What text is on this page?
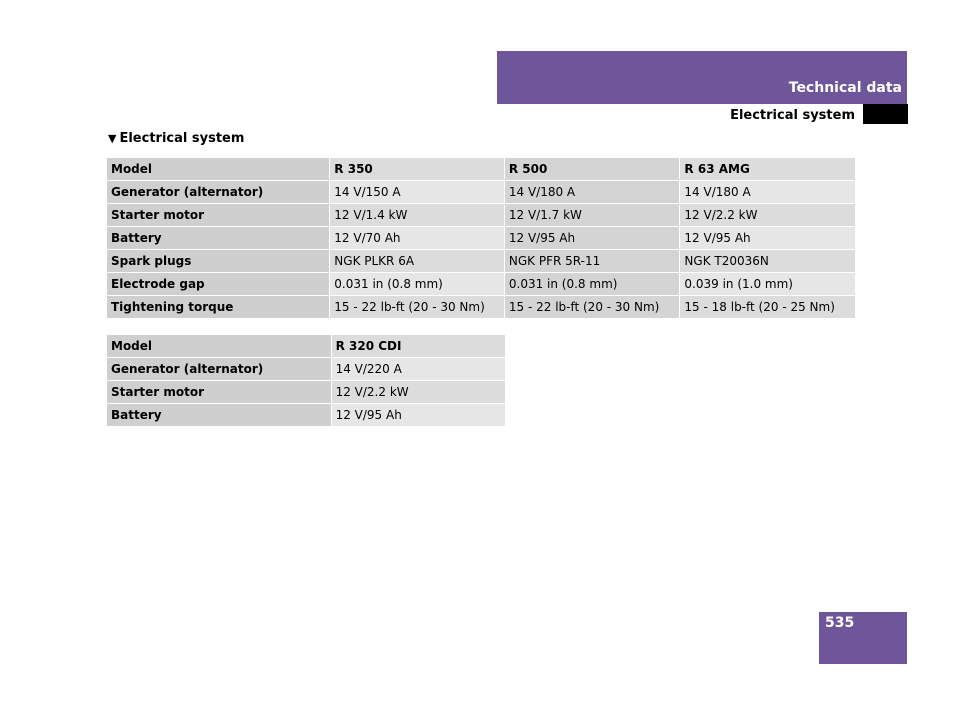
Technical data
Electrical system
▼ Electrical system
Model	R 350	R 500	R 63 AMG
Generator (alternator)	14 V/150 A	14 V/180 A	14 V/180 A
Starter motor	12 V/1.4 kW	12 V/1.7 kW	12 V/2.2 kW
Battery	12 V/70 Ah	12 V/95 Ah	12 V/95 Ah
Spark plugs	NGK PLKR 6A	NGK PFR 5R-11	NGK T20036N
Electrode gap	0.031 in (0.8 mm)	0.031 in (0.8 mm)	0.039 in (1.0 mm)
Tightening torque	15 - 22 lb-ft (20 - 30 Nm)	15 - 22 lb-ft (20 - 30 Nm)	15 - 18 lb-ft (20 - 25 Nm)
Model	R 320 CDI
Generator (alternator)	14 V/220 A
Starter motor	12 V/2.2 kW
Battery	12 V/95 Ah
535
